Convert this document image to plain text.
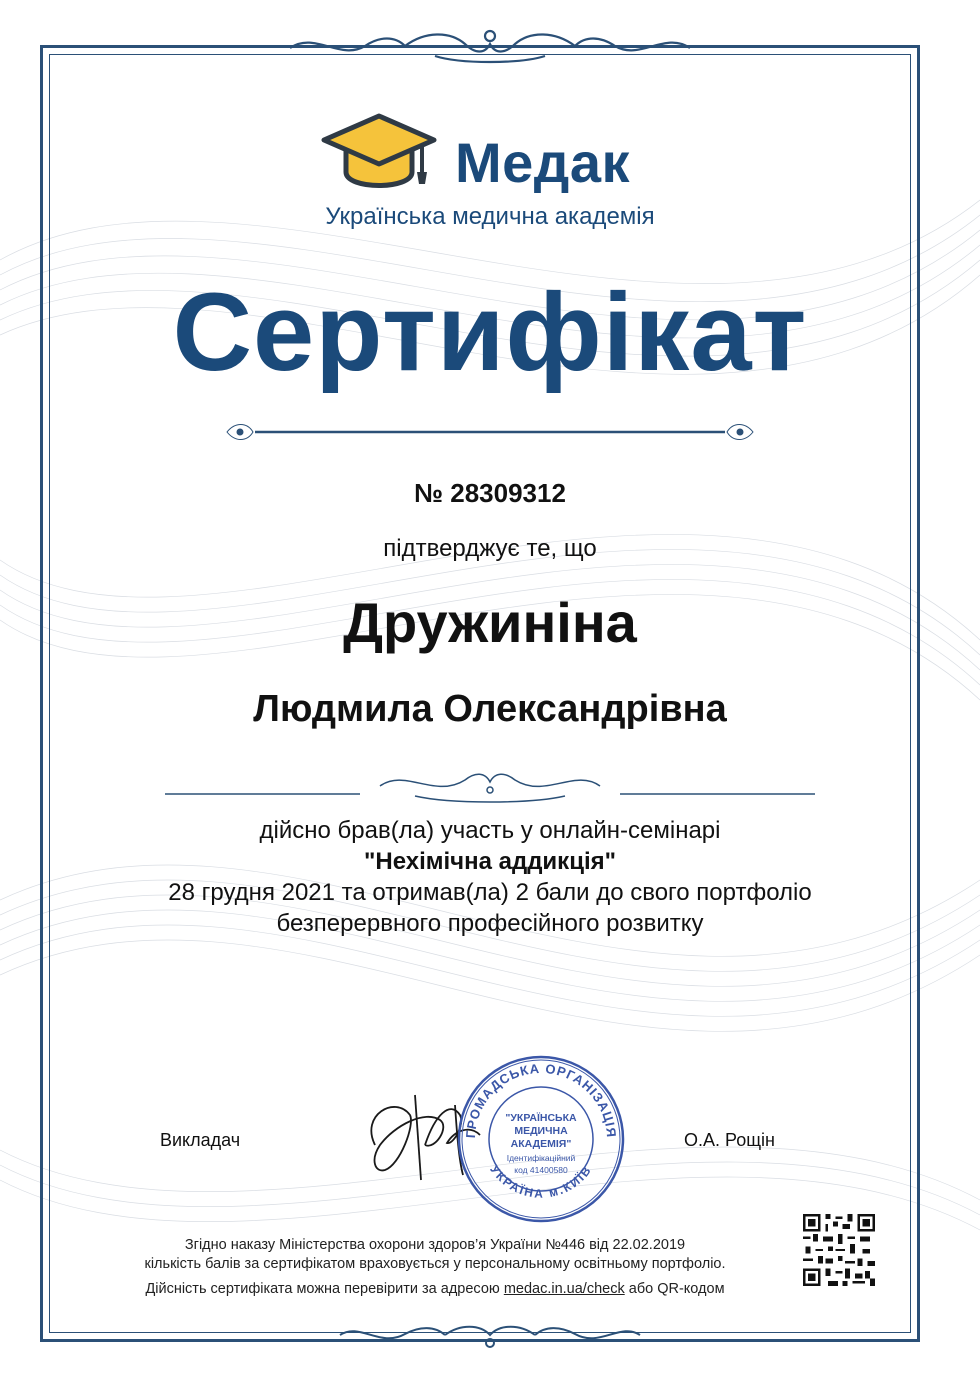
Медак
Українська медична академія
Сертифікат
№ 28309312
підтверджує те, що
Дружиніна
Людмила Олександрівна
дійсно брав(ла) участь у онлайн-семінарі
"Нехімічна аддикція"
28 грудня 2021 та отримав(ла) 2 бали до свого портфоліо
безперервного професійного розвитку
Викладач	ГРОМАДСЬКА ОРГАНІЗАЦІЯ
УКРАЇНА м.КИЇВ
"УКРАЇНСЬКА
МЕДИЧНА
АКАДЕМІЯ"
Ідентифікаційний
код 41400580
О.А. Рощін
Згідно наказу Міністерства охорони здоров’я України №446 від 22.02.2019
кількість балів за сертифікатом враховується у персональному освітньому портфоліо.
Дійсність сертифіката можна перевірити за адресою medac.in.ua/check або QR-кодом
